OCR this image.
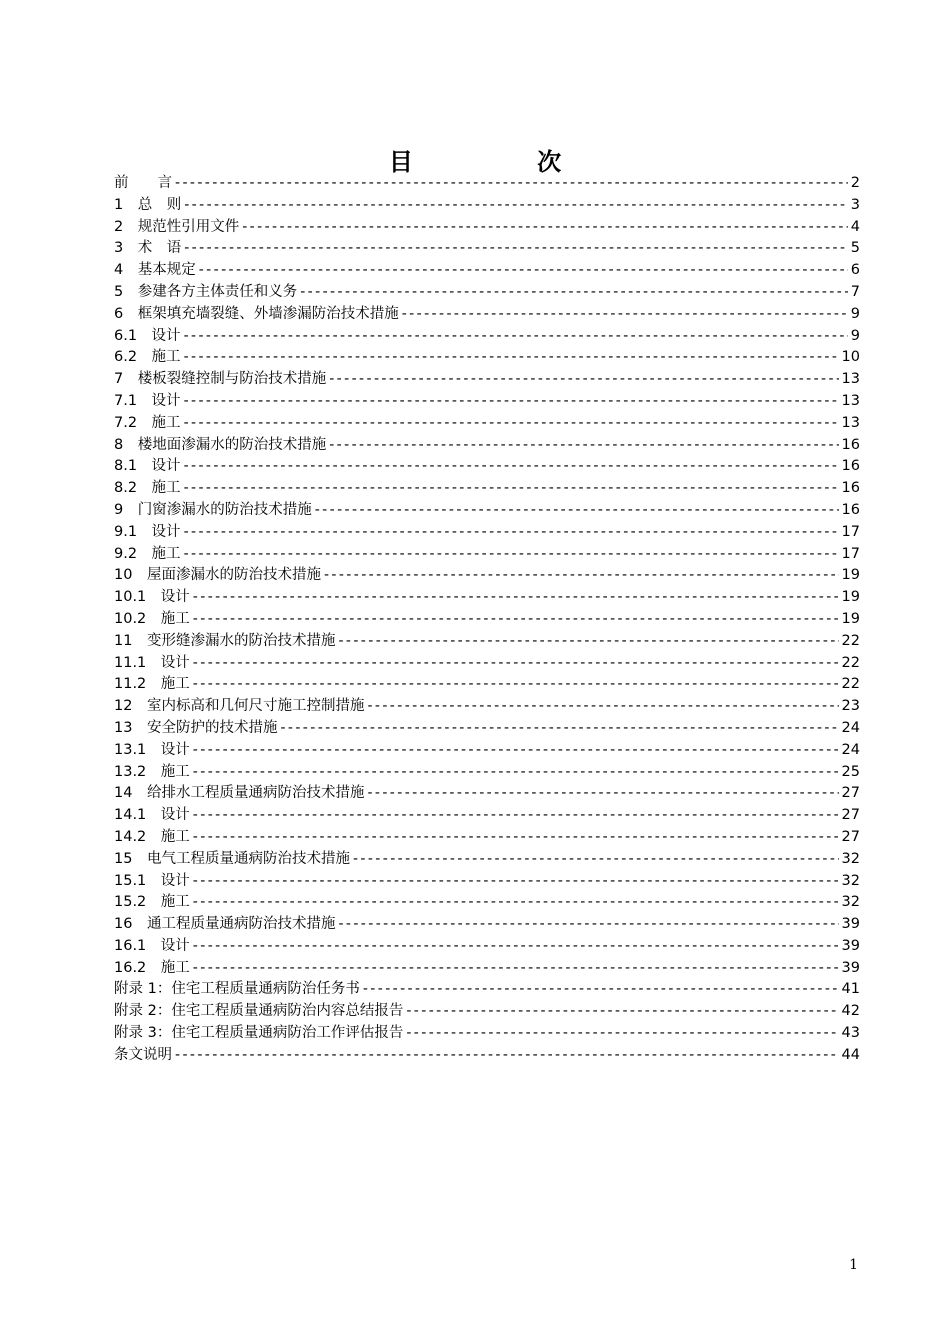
目 次
前　　言 -----	2
1　总　则 -----	3
2　规范性引用文件 -----	4
3　术　语 -----	5
4　基本规定 -----	6
5　参建各方主体责任和义务 -----	7
6　框架填充墙裂缝、外墙渗漏防治技术措施 -----	9
6.1　设计 -----	9
6.2　施工 -----	10
7　楼板裂缝控制与防治技术措施 -----	13
7.1　设计 -----	13
7.2　施工 -----	13
8　楼地面渗漏水的防治技术措施 -----	16
8.1　设计 -----	16
8.2　施工 -----	16
9　门窗渗漏水的防治技术措施 -----	16
9.1　设计 -----	17
9.2　施工 -----	17
10　屋面渗漏水的防治技术措施 -----	19
10.1　设计 -----	19
10.2　施工 -----	19
11　变形缝渗漏水的防治技术措施 -----	22
11.1　设计 -----	22
11.2　施工 -----	22
12　室内标高和几何尺寸施工控制措施 -----	23
13　安全防护的技术措施 -----	24
13.1　设计 -----	24
13.2　施工 -----	25
14　给排水工程质量通病防治技术措施 -----	27
14.1　设计 -----	27
14.2　施工 -----	27
15　电气工程质量通病防治技术措施 -----	32
15.1　设计 -----	32
15.2　施工 -----	32
16　通工程质量通病防治技术措施 -----	39
16.1　设计 -----	39
16.2　施工 -----	39
附录 1：住宅工程质量通病防治任务书 -----	41
附录 2：住宅工程质量通病防治内容总结报告 -----	42
附录 3：住宅工程质量通病防治工作评估报告 -----	43
条文说明 -----	44
1
